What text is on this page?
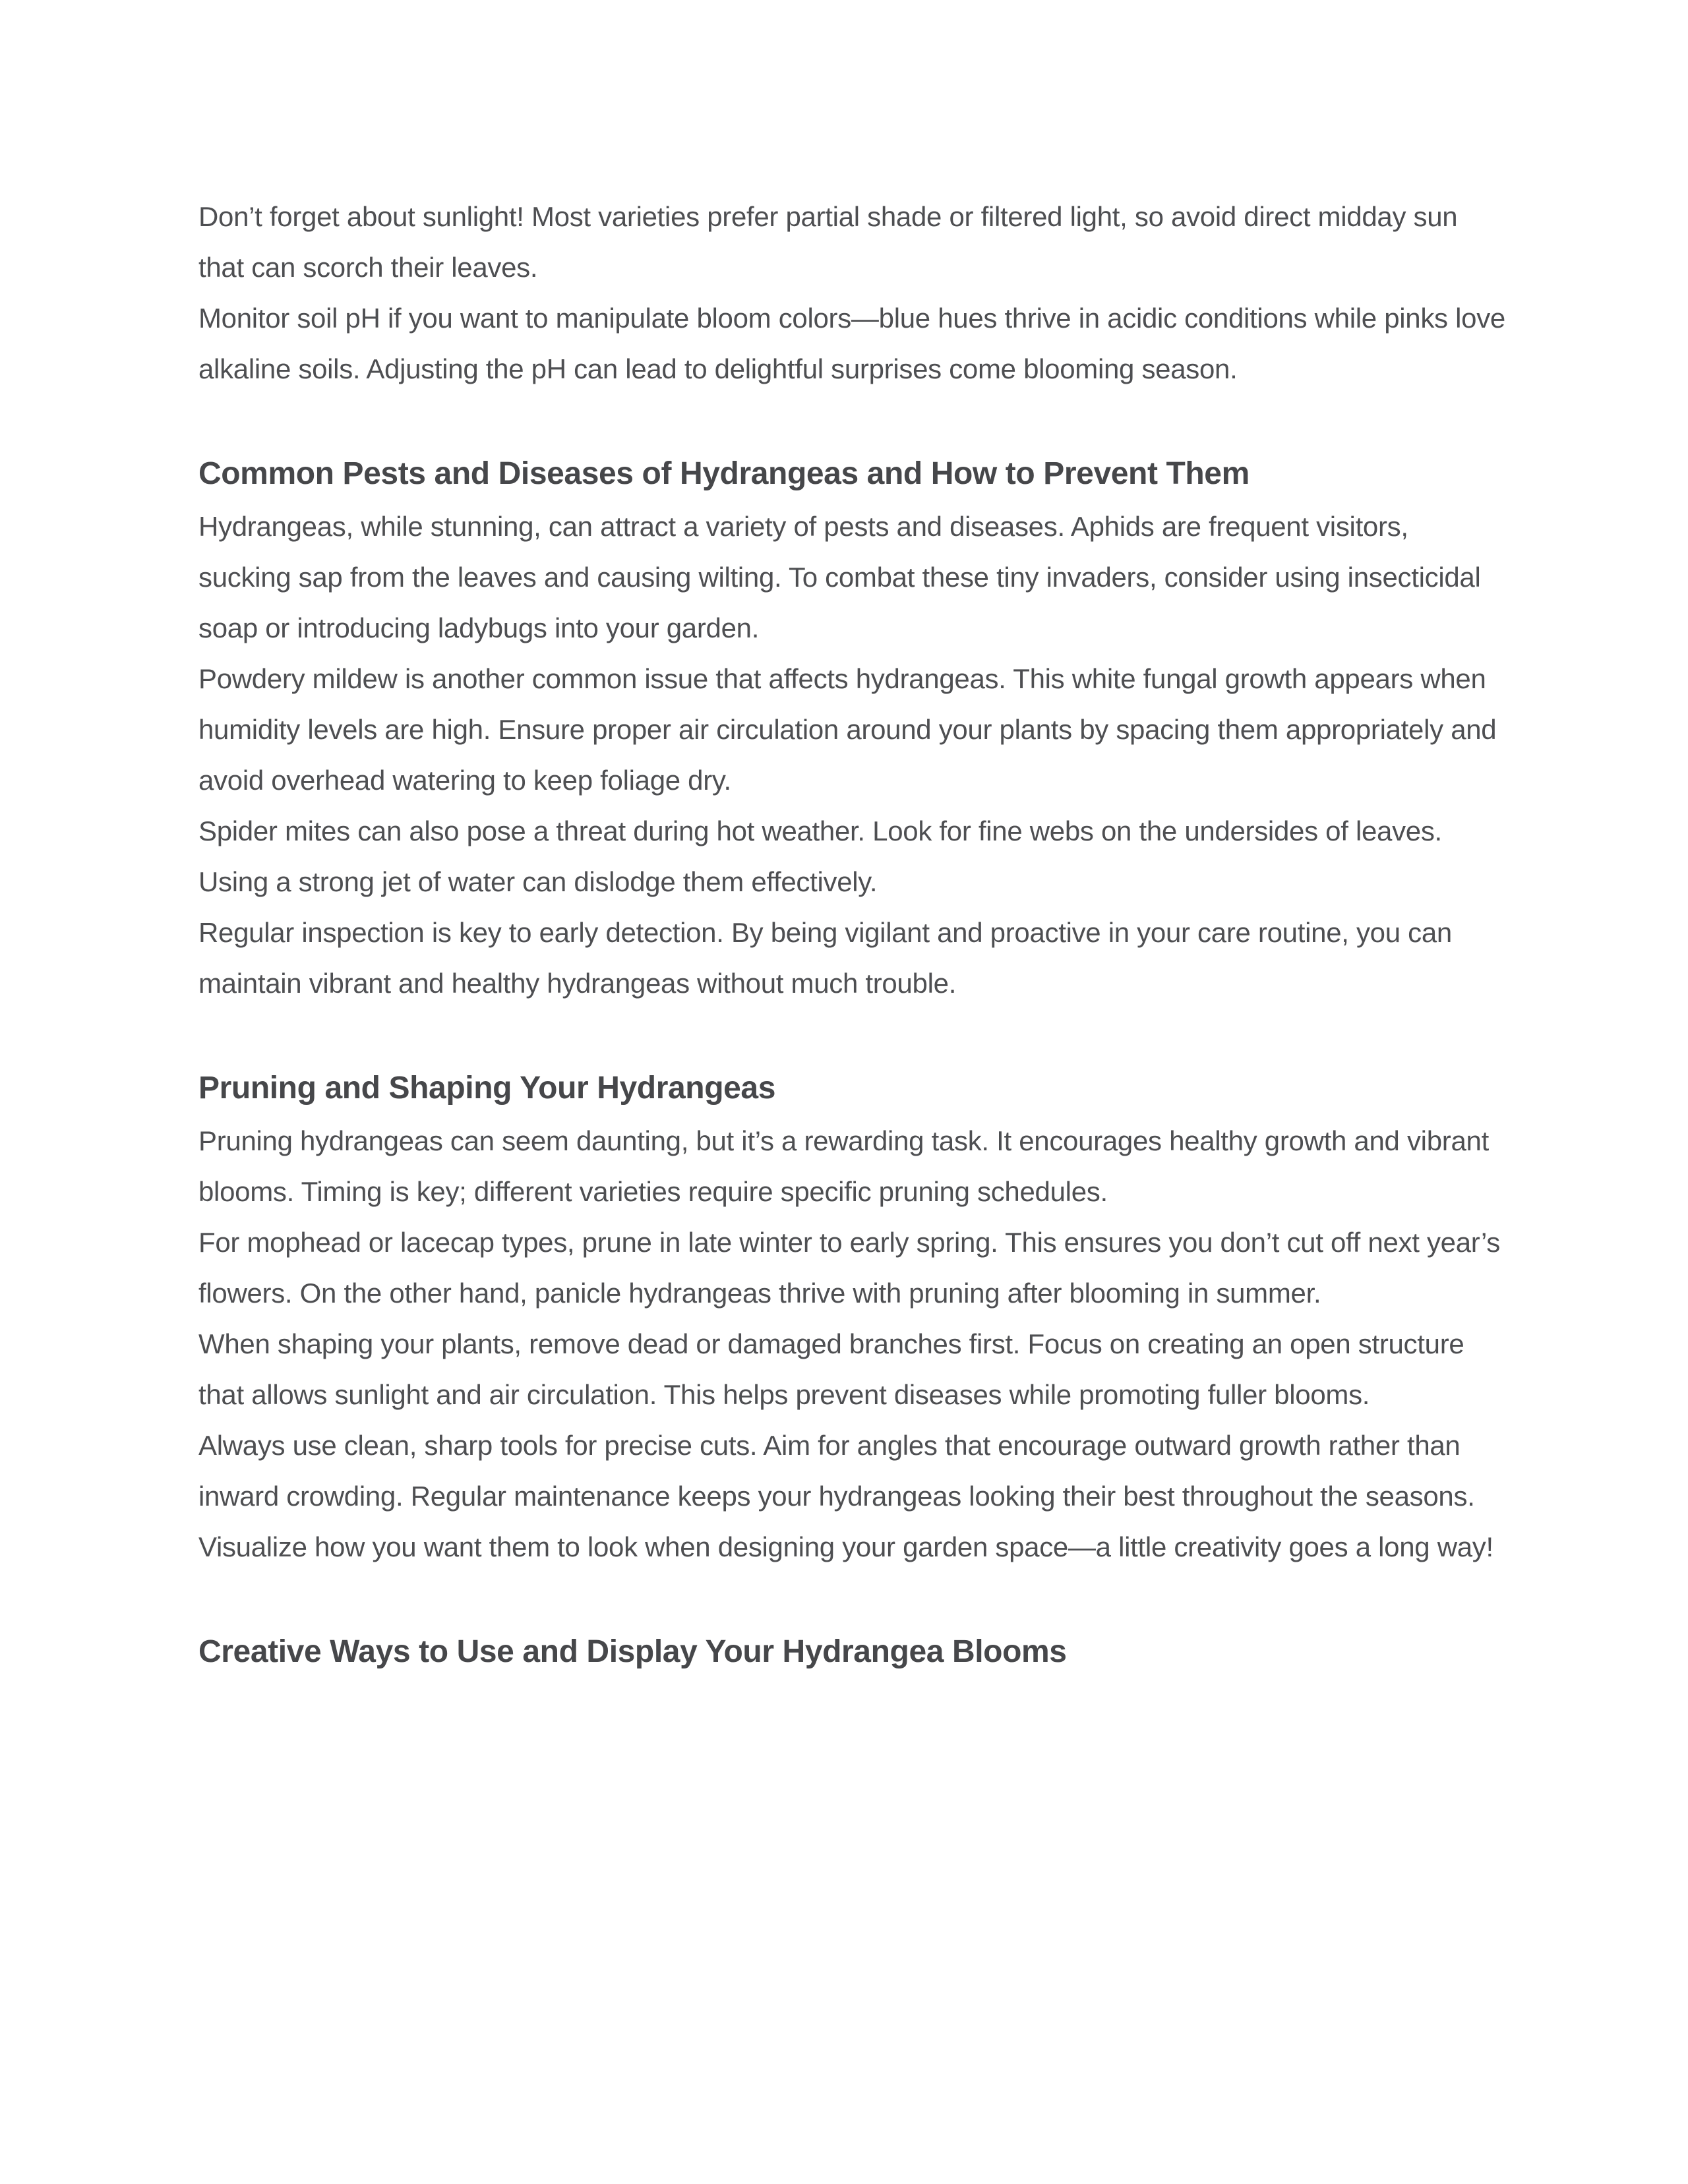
Don’t forget about sunlight! Most varieties prefer partial shade or filtered light, so avoid direct midday sun that can scorch their leaves.

Monitor soil pH if you want to manipulate bloom colors—blue hues thrive in acidic conditions while pinks love alkaline soils. Adjusting the pH can lead to delightful surprises come blooming season.

Common Pests and Diseases of Hydrangeas and How to Prevent Them

Hydrangeas, while stunning, can attract a variety of pests and diseases. Aphids are frequent visitors, sucking sap from the leaves and causing wilting. To combat these tiny invaders, consider using insecticidal soap or introducing ladybugs into your garden.

Powdery mildew is another common issue that affects hydrangeas. This white fungal growth appears when humidity levels are high. Ensure proper air circulation around your plants by spacing them appropriately and avoid overhead watering to keep foliage dry.

Spider mites can also pose a threat during hot weather. Look for fine webs on the undersides of leaves. Using a strong jet of water can dislodge them effectively.

Regular inspection is key to early detection. By being vigilant and proactive in your care routine, you can maintain vibrant and healthy hydrangeas without much trouble.

Pruning and Shaping Your Hydrangeas

Pruning hydrangeas can seem daunting, but it’s a rewarding task. It encourages healthy growth and vibrant blooms. Timing is key; different varieties require specific pruning schedules.

For mophead or lacecap types, prune in late winter to early spring. This ensures you don’t cut off next year’s flowers. On the other hand, panicle hydrangeas thrive with pruning after blooming in summer.

When shaping your plants, remove dead or damaged branches first. Focus on creating an open structure that allows sunlight and air circulation. This helps prevent diseases while promoting fuller blooms.

Always use clean, sharp tools for precise cuts. Aim for angles that encourage outward growth rather than inward crowding. Regular maintenance keeps your hydrangeas looking their best throughout the seasons.

Visualize how you want them to look when designing your garden space—a little creativity goes a long way!

Creative Ways to Use and Display Your Hydrangea Blooms
